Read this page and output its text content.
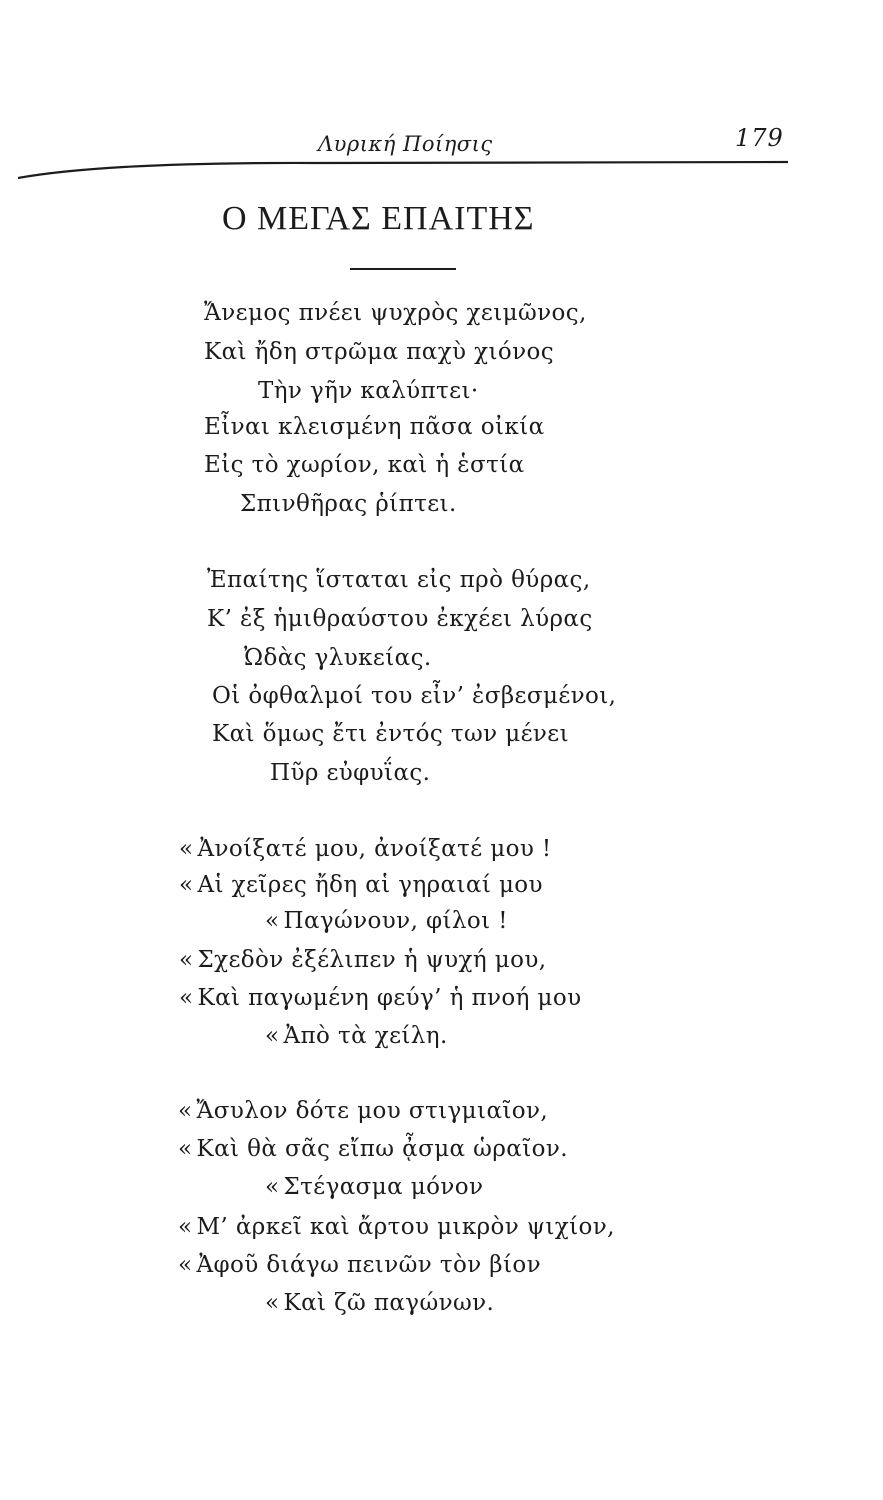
Λυρική Ποίησις	179
Ο ΜΕΓΑΣ ΕΠΑΙΤΗΣ
Ἄνεμος πνέει ψυχρὸς χειμῶνος,
Καὶ ἤδη στρῶμα παχὺ χιόνος
Τὴν γῆν καλύπτει·
Εἶναι κλεισμένη πᾶσα οἰκία
Εἰς τὸ χωρίον, καὶ ἡ ἑστία
Σπινθῆρας ῥίπτει.
Ἐπαίτης ἵσταται εἰς πρὸ θύρας,
Κ’ ἐξ ἡμιθραύστου ἐκχέει λύρας
Ὠδὰς γλυκείας.
Οἱ ὀφθαλμοί του εἶν’ ἐσβεσμένοι,
Καὶ ὅμως ἔτι ἐντός των μένει
Πῦρ εὐφυΐας.
« Ἀνοίξατέ μου, ἀνοίξατέ μου !
« Αἱ χεῖρες ἤδη αἱ γηραιαί μου
« Παγώνουν, φίλοι !
« Σχεδὸν ἐξέλιπεν ἡ ψυχή μου,
« Καὶ παγωμένη φεύγ’ ἡ πνοή μου
« Ἀπὸ τὰ χείλη.
« Ἄσυλον δότε μου στιγμιαῖον,
« Καὶ θὰ σᾶς εἴπω ᾆσμα ὡραῖον.
« Στέγασμα μόνον
« Μ’ ἀρκεῖ καὶ ἄρτου μικρὸν ψιχίον,
« Ἀφοῦ διάγω πεινῶν τὸν βίον
« Καὶ ζῶ παγώνων.
